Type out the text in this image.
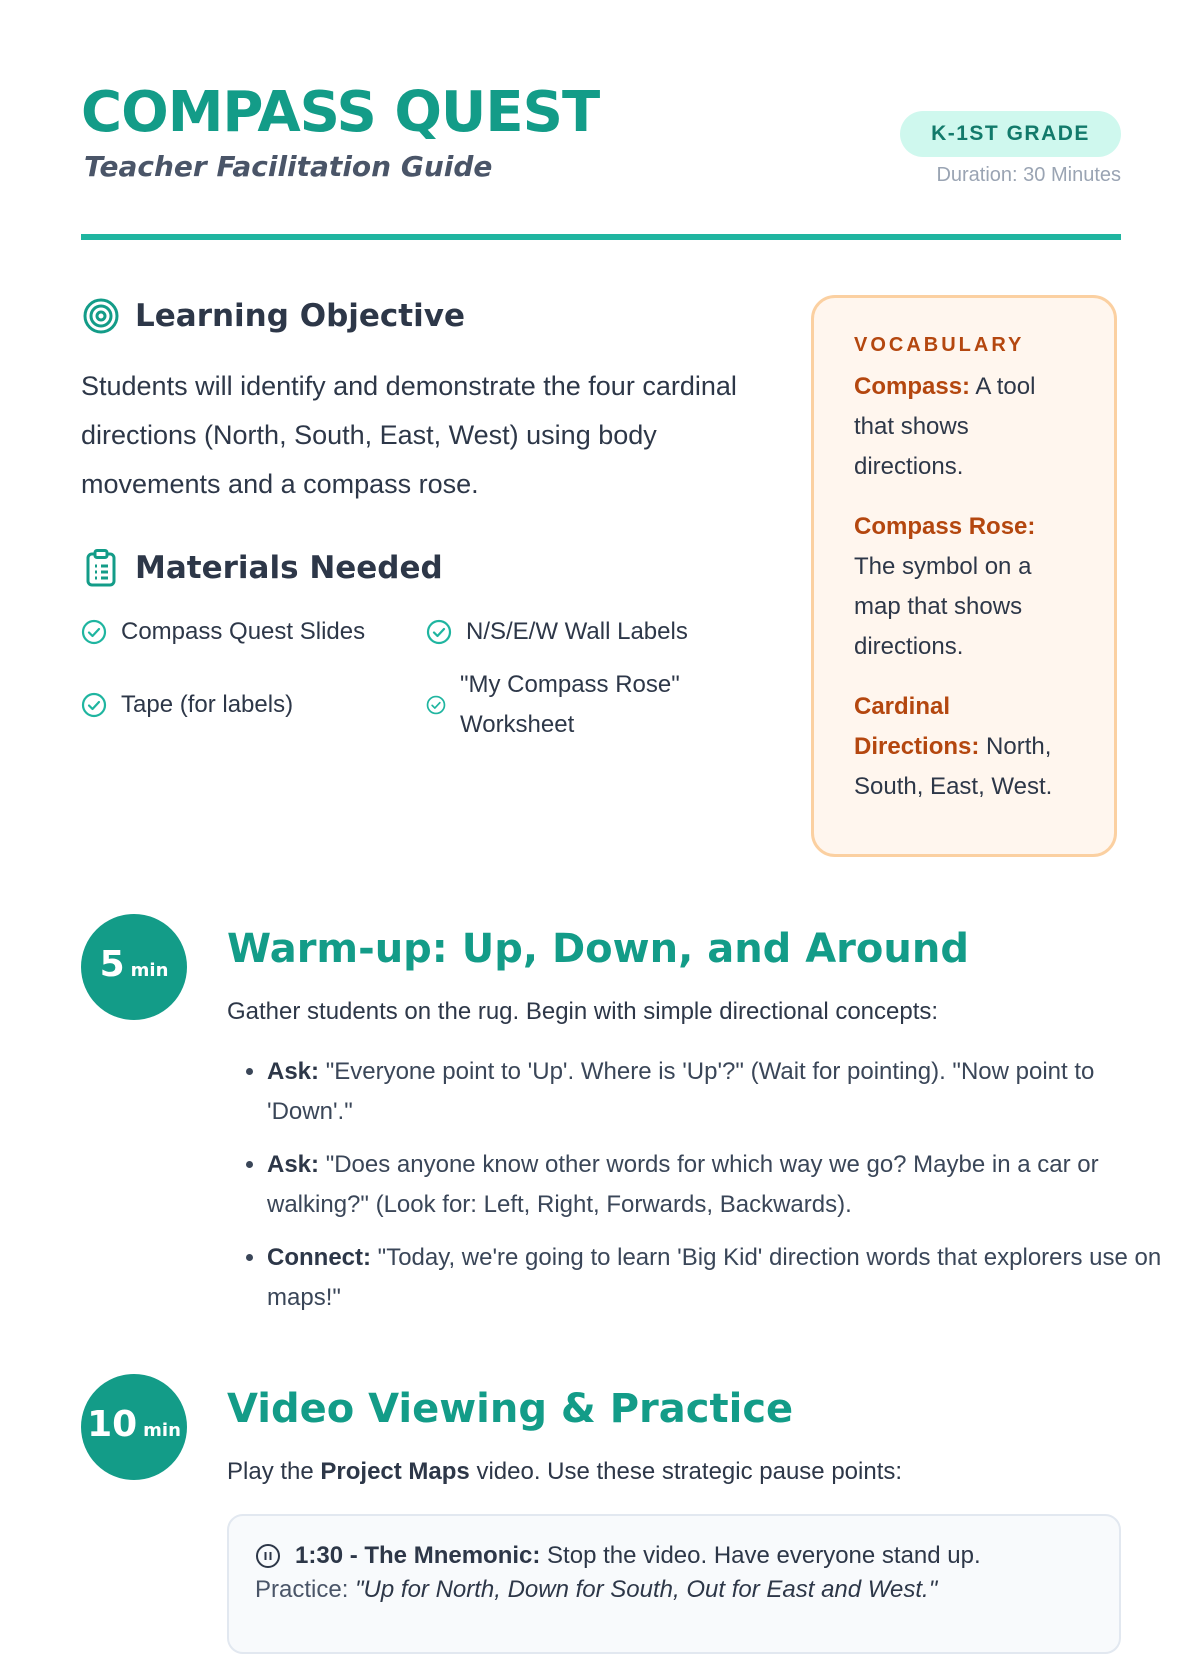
COMPASS QUEST
Teacher Facilitation Guide
K-1ST GRADE
Duration: 30 Minutes
Learning Objective
Students will identify and demonstrate the four cardinal directions (North, South, East, West) using body movements and a compass rose.
Materials Needed
Compass Quest Slides	N/S/E/W Wall Labels
Tape (for labels)
"My Compass Rose" Worksheet
VOCABULARY
Compass: A tool that shows directions.
Compass Rose: The symbol on a map that shows directions.
Cardinal Directions: North, South, East, West.
5 min Warm-up: Up, Down, and Around
Gather students on the rug. Begin with simple directional concepts:
• Ask: "Everyone point to 'Up'. Where is 'Up'?" (Wait for pointing). "Now point to 'Down'."
• Ask: "Does anyone know other words for which way we go? Maybe in a car or walking?" (Look for: Left, Right, Forwards, Backwards).
• Connect: "Today, we're going to learn 'Big Kid' direction words that explorers use on maps!"
10 min Video Viewing & Practice
Play the Project Maps video. Use these strategic pause points:
1:30 - The Mnemonic: Stop the video. Have everyone stand up.
Practice: "Up for North, Down for South, Out for East and West."
